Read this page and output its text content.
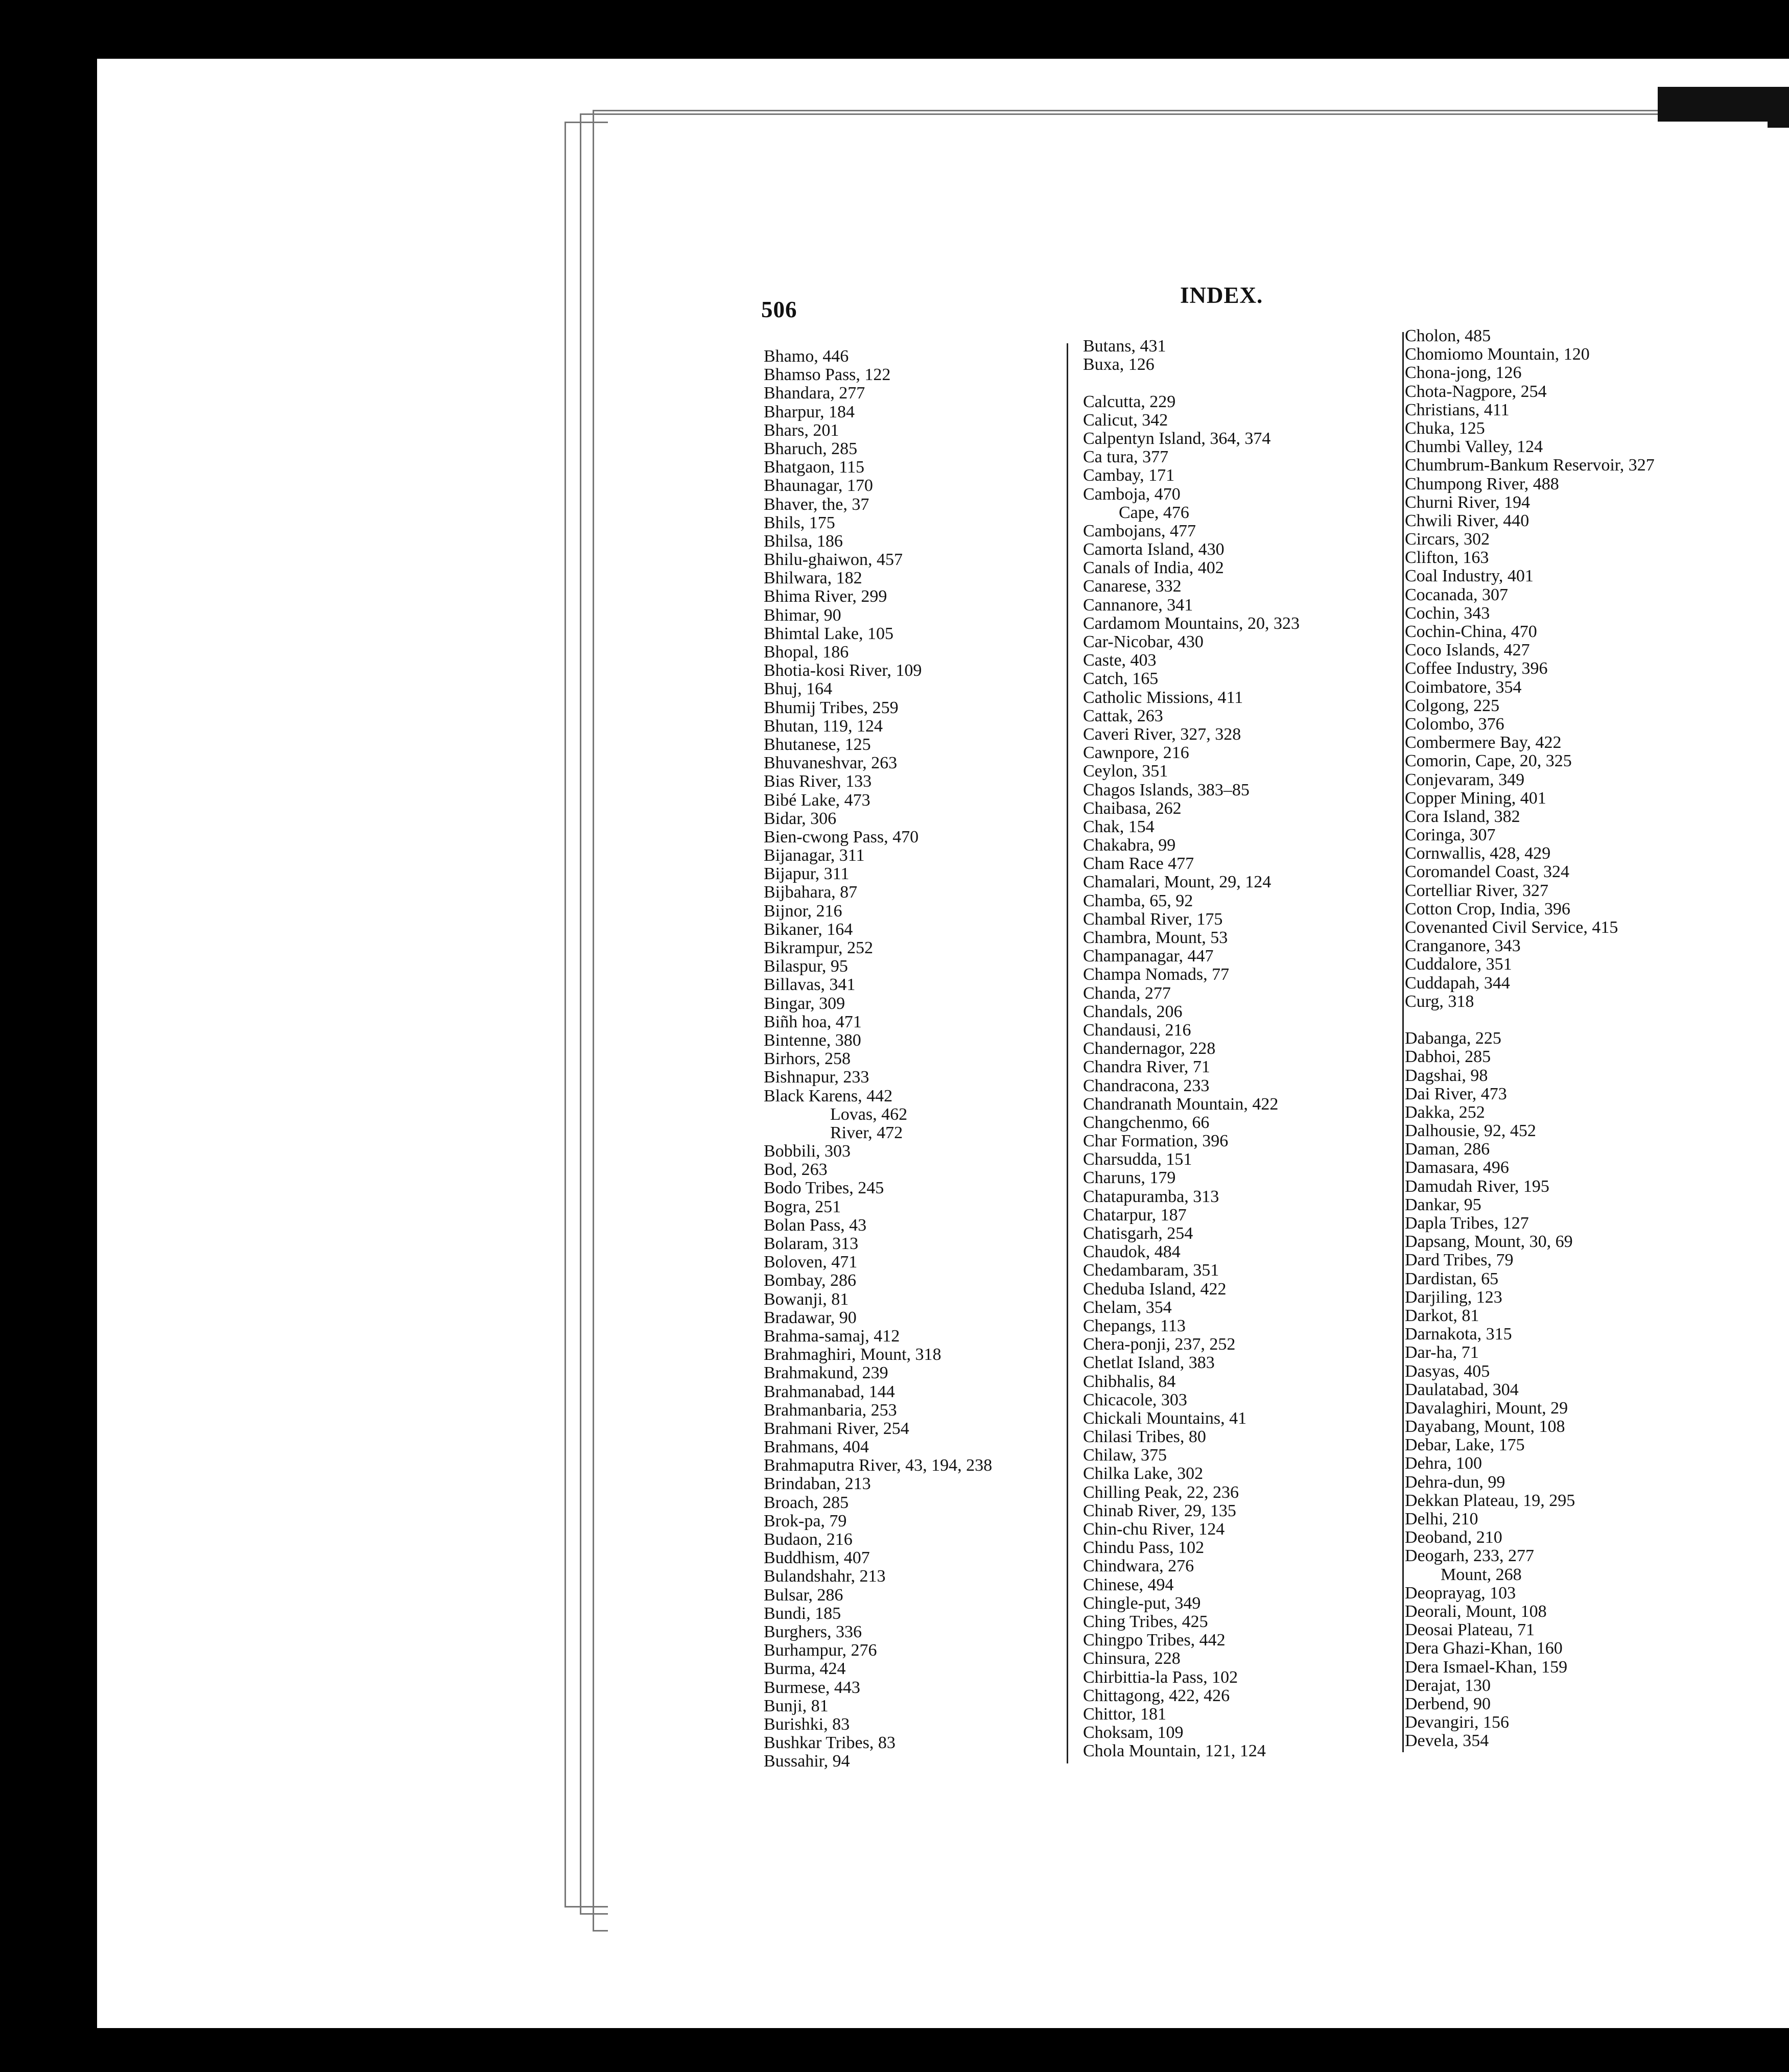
506
INDEX.
Bhamo, 446
Bhamso Pass, 122
Bhandara, 277
Bharpur, 184
Bhars, 201
Bharuch, 285
Bhatgaon, 115
Bhaunagar, 170
Bhaver, the, 37
Bhils, 175
Bhilsa, 186
Bhilu-ghaiwon, 457
Bhilwara, 182
Bhima River, 299
Bhimar, 90
Bhimtal Lake, 105
Bhopal, 186
Bhotia-kosi River, 109
Bhuj, 164
Bhumij Tribes, 259
Bhutan, 119, 124
Bhutanese, 125
Bhuvaneshvar, 263
Bias River, 133
Bibé Lake, 473
Bidar, 306
Bien-cwong Pass, 470
Bijanagar, 311
Bijapur, 311
Bijbahara, 87
Bijnor, 216
Bikaner, 164
Bikrampur, 252
Bilaspur, 95
Billavas, 341
Bingar, 309
Biñh hoa, 471
Bintenne, 380
Birhors, 258
Bishnapur, 233
Black Karens, 442
Lovas, 462
River, 472
Bobbili, 303
Bod, 263
Bodo Tribes, 245
Bogra, 251
Bolan Pass, 43
Bolaram, 313
Boloven, 471
Bombay, 286
Bowanji, 81
Bradawar, 90
Brahma-samaj, 412
Brahmaghiri, Mount, 318
Brahmakund, 239
Brahmanabad, 144
Brahmanbaria, 253
Brahmani River, 254
Brahmans, 404
Brahmaputra River, 43, 194, 238
Brindaban, 213
Broach, 285
Brok-pa, 79
Budaon, 216
Buddhism, 407
Bulandshahr, 213
Bulsar, 286
Bundi, 185
Burghers, 336
Burhampur, 276
Burma, 424
Burmese, 443
Bunji, 81
Burishki, 83
Bushkar Tribes, 83
Bussahir, 94
Butans, 431
Buxa, 126
Calcutta, 229
Calicut, 342
Calpentyn Island, 364, 374
Ca tura, 377
Cambay, 171
Camboja, 470
Cape, 476
Cambojans, 477
Camorta Island, 430
Canals of India, 402
Canarese, 332
Cannanore, 341
Cardamom Mountains, 20, 323
Car-Nicobar, 430
Caste, 403
Catch, 165
Catholic Missions, 411
Cattak, 263
Caveri River, 327, 328
Cawnpore, 216
Ceylon, 351
Chagos Islands, 383–85
Chaibasa, 262
Chak, 154
Chakabra, 99
Cham Race 477
Chamalari, Mount, 29, 124
Chamba, 65, 92
Chambal River, 175
Chambra, Mount, 53
Champanagar, 447
Champa Nomads, 77
Chanda, 277
Chandals, 206
Chandausi, 216
Chandernagor, 228
Chandra River, 71
Chandracona, 233
Chandranath Mountain, 422
Changchenmo, 66
Char Formation, 396
Charsudda, 151
Charuns, 179
Chatapuramba, 313
Chatarpur, 187
Chatisgarh, 254
Chaudok, 484
Chedambaram, 351
Cheduba Island, 422
Chelam, 354
Chepangs, 113
Chera-ponji, 237, 252
Chetlat Island, 383
Chibhalis, 84
Chicacole, 303
Chickali Mountains, 41
Chilasi Tribes, 80
Chilaw, 375
Chilka Lake, 302
Chilling Peak, 22, 236
Chinab River, 29, 135
Chin-chu River, 124
Chindu Pass, 102
Chindwara, 276
Chinese, 494
Chingle-put, 349
Ching Tribes, 425
Chingpo Tribes, 442
Chinsura, 228
Chirbittia-la Pass, 102
Chittagong, 422, 426
Chittor, 181
Choksam, 109
Chola Mountain, 121, 124
Cholon, 485
Chomiomo Mountain, 120
Chona-jong, 126
Chota-Nagpore, 254
Christians, 411
Chuka, 125
Chumbi Valley, 124
Chumbrum-Bankum Reservoir, 327
Chumpong River, 488
Churni River, 194
Chwili River, 440
Circars, 302
Clifton, 163
Coal Industry, 401
Cocanada, 307
Cochin, 343
Cochin-China, 470
Coco Islands, 427
Coffee Industry, 396
Coimbatore, 354
Colgong, 225
Colombo, 376
Combermere Bay, 422
Comorin, Cape, 20, 325
Conjevaram, 349
Copper Mining, 401
Cora Island, 382
Coringa, 307
Cornwallis, 428, 429
Coromandel Coast, 324
Cortelliar River, 327
Cotton Crop, India, 396
Covenanted Civil Service, 415
Cranganore, 343
Cuddalore, 351
Cuddapah, 344
Curg, 318
Dabanga, 225
Dabhoi, 285
Dagshai, 98
Dai River, 473
Dakka, 252
Dalhousie, 92, 452
Daman, 286
Damasara, 496
Damudah River, 195
Dankar, 95
Dapla Tribes, 127
Dapsang, Mount, 30, 69
Dard Tribes, 79
Dardistan, 65
Darjiling, 123
Darkot, 81
Darnakota, 315
Dar-ha, 71
Dasyas, 405
Daulatabad, 304
Davalaghiri, Mount, 29
Dayabang, Mount, 108
Debar, Lake, 175
Dehra, 100
Dehra-dun, 99
Dekkan Plateau, 19, 295
Delhi, 210
Deoband, 210
Deogarh, 233, 277
Mount, 268
Deoprayag, 103
Deorali, Mount, 108
Deosai Plateau, 71
Dera Ghazi-Khan, 160
Dera Ismael-Khan, 159
Derajat, 130
Derbend, 90
Devangiri, 156
Devela, 354
